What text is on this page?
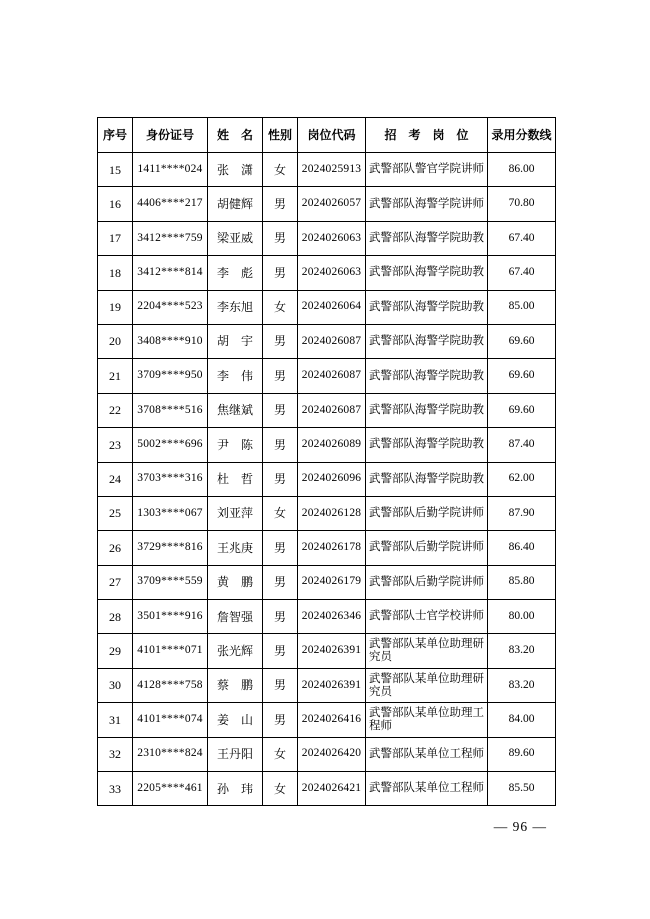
序号	身份证号	姓　名	性别	岗位代码	招　考　岗　位	录用分数线
15	1411****024	张　潇	女	2024025913	武警部队警官学院讲师	86.00
16	4406****217	胡健辉	男	2024026057	武警部队海警学院讲师	70.80
17	3412****759	梁亚威	男	2024026063	武警部队海警学院助教	67.40
18	3412****814	李　彪	男	2024026063	武警部队海警学院助教	67.40
19	2204****523	李东旭	女	2024026064	武警部队海警学院助教	85.00
20	3408****910	胡　宇	男	2024026087	武警部队海警学院助教	69.60
21	3709****950	李　伟	男	2024026087	武警部队海警学院助教	69.60
22	3708****516	焦继斌	男	2024026087	武警部队海警学院助教	69.60
23	5002****696	尹　陈	男	2024026089	武警部队海警学院助教	87.40
24	3703****316	杜　哲	男	2024026096	武警部队海警学院助教	62.00
25	1303****067	刘亚萍	女	2024026128	武警部队后勤学院讲师	87.90
26	3729****816	王兆庚	男	2024026178	武警部队后勤学院讲师	86.40
27	3709****559	黄　鹏	男	2024026179	武警部队后勤学院讲师	85.80
28	3501****916	詹智强	男	2024026346	武警部队士官学校讲师	80.00
29	4101****071	张光辉	男	2024026391	武警部队某单位助理研究员	83.20
30	4128****758	蔡　鹏	男	2024026391	武警部队某单位助理研究员	83.20
31	4101****074	姜　山	男	2024026416	武警部队某单位助理工程师	84.00
32	2310****824	王丹阳	女	2024026420	武警部队某单位工程师	89.60
33	2205****461	孙　玮	女	2024026421	武警部队某单位工程师	85.50
— 96 —
